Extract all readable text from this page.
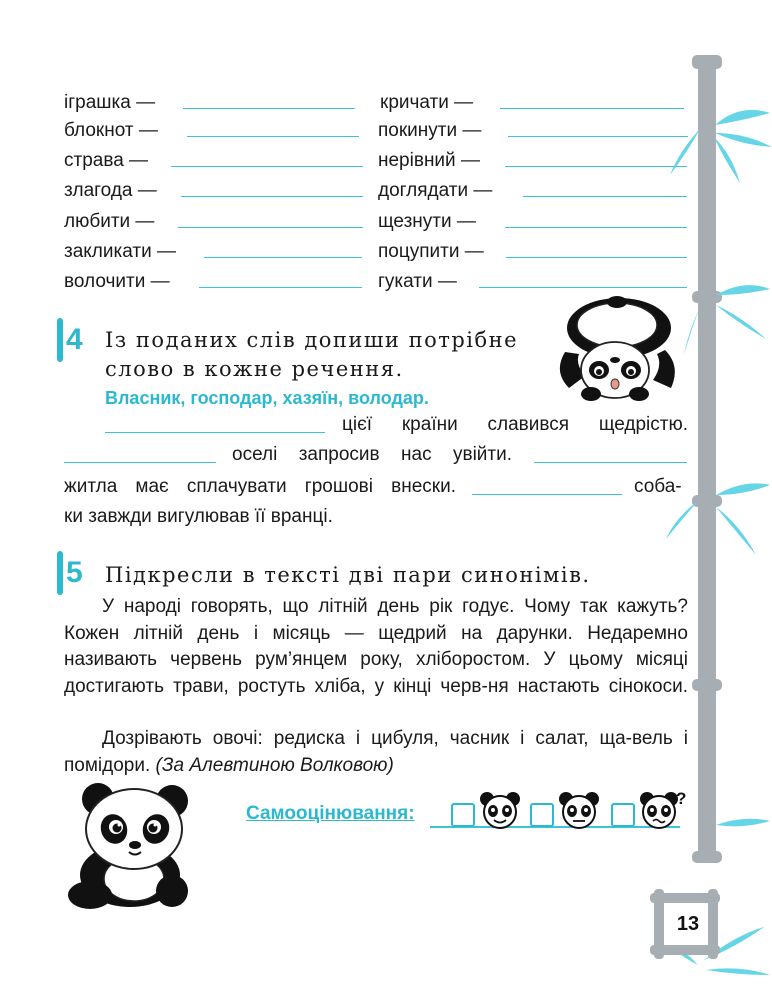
іграшка —
блокнот —
страва —
злагода —
любити —
закликати —
волочити —
кричати —
покинути —
нерівний —
доглядати —
щезнути —
поцупити —
гукати —
4 Із поданих слів допиши потрібне
слово в кожне речення.
Власник, господар, хазяїн, володар.
цієї країни славився щедрістю.
оселі запросив нас увійти.
житла має сплачувати грошові внески.	соба-
ки завжди вигулював її вранці.
5 Підкресли в тексті дві пари синонімів.

У народі говорять, що літній день рік годує. Чому так кажуть? Кожен літній день і місяць — щедрий на дарунки. Недаремно називають червень рум’янцем року, хліборостом. У цьому місяці достигають трави, ростуть хліба, у кінці черв-ня настають сінокоси.

Дозрівають овочі: редиска і цибуля, часник і салат, ща-вель і помідори. (За Алевтиною Волковою)
Самооцінювання:
?
13
